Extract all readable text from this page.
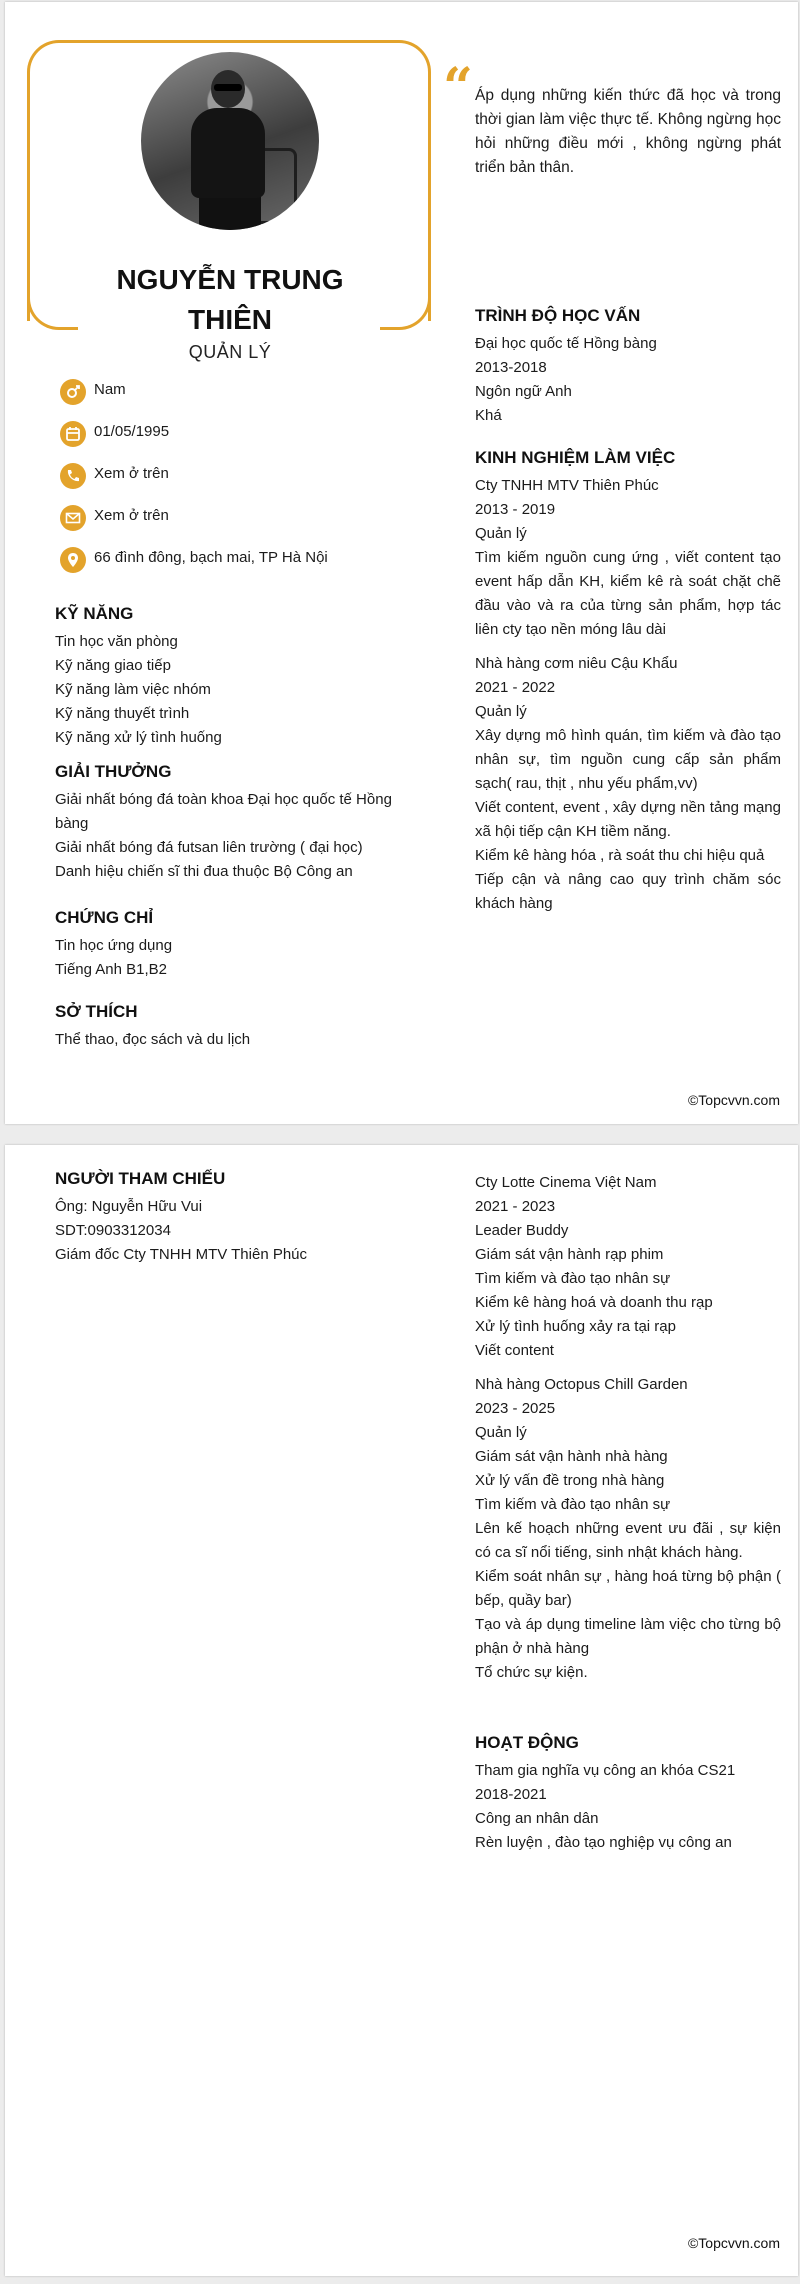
NGUYỄN TRUNG
THIÊN
QUẢN LÝ
Nam
01/05/1995
Xem ở trên
Xem ở trên
66 đình đông, bạch mai, TP Hà Nội
KỸ NĂNG
Tin học văn phòng
Kỹ năng giao tiếp
Kỹ năng làm việc nhóm
Kỹ năng thuyết trình
Kỹ năng xử lý tình huống
GIẢI THƯỞNG
Giải nhất bóng đá toàn khoa Đại học quốc tế Hồng
bàng
Giải nhất bóng đá futsan liên trường ( đại học)
Danh hiệu chiến sĩ thi đua thuộc Bộ Công an
CHỨNG CHỈ
Tin học ứng dụng
Tiếng Anh B1,B2
SỞ THÍCH
Thể thao, đọc sách và du lịch
“ Áp dụng những kiến thức đã học và trong thời gian làm việc thực tế. Không ngừng học hỏi những điều mới , không ngừng phát triển bản thân.
TRÌNH ĐỘ HỌC VẤN
Đại học quốc tế Hồng bàng
2013-2018
Ngôn ngữ Anh
Khá
KINH NGHIỆM LÀM VIỆC
Cty TNHH MTV Thiên Phúc
2013 - 2019
Quản lý
Tìm kiếm nguồn cung ứng , viết content tạo event hấp dẫn KH, kiểm kê rà soát chặt chẽ đầu vào và ra của từng sản phẩm, hợp tác liên cty tạo nền móng lâu dài
Nhà hàng cơm niêu Cậu Khẩu
2021 - 2022
Quản lý
Xây dựng mô hình quán, tìm kiếm và đào tạo nhân sự, tìm nguồn cung cấp sản phẩm sạch( rau, thịt , nhu yếu phẩm,vv)
Viết content, event , xây dựng nền tảng mạng xã hội tiếp cận KH tiềm năng.
Kiểm kê hàng hóa , rà soát thu chi hiệu quả
Tiếp cận và nâng cao quy trình chăm sóc khách hàng
©Topcvvn.com
NGƯỜI THAM CHIẾU
Ông: Nguyễn Hữu Vui
SDT:0903312034
Giám đốc Cty TNHH MTV Thiên Phúc
Cty Lotte Cinema Việt Nam
2021 - 2023
Leader Buddy
Giám sát vận hành rạp phim
Tìm kiếm và đào tạo nhân sự
Kiểm kê hàng hoá và doanh thu rạp
Xử lý tình huống xảy ra tại rạp
Viết content
Nhà hàng Octopus Chill Garden
2023 - 2025
Quản lý
Giám sát vận hành nhà hàng
Xử lý vấn đề trong nhà hàng
Tìm kiếm và đào tạo nhân sự
Lên kế hoạch những event ưu đãi , sự kiện có ca sĩ nổi tiếng, sinh nhật khách hàng.
Kiểm soát nhân sự , hàng hoá từng bộ phận ( bếp, quầy bar)
Tạo và áp dụng timeline làm việc cho từng bộ phận ở nhà hàng
Tổ chức sự kiện.
HOẠT ĐỘNG
Tham gia nghĩa vụ công an khóa CS21
2018-2021
Công an nhân dân
Rèn luyện , đào tạo nghiệp vụ công an
©Topcvvn.com
